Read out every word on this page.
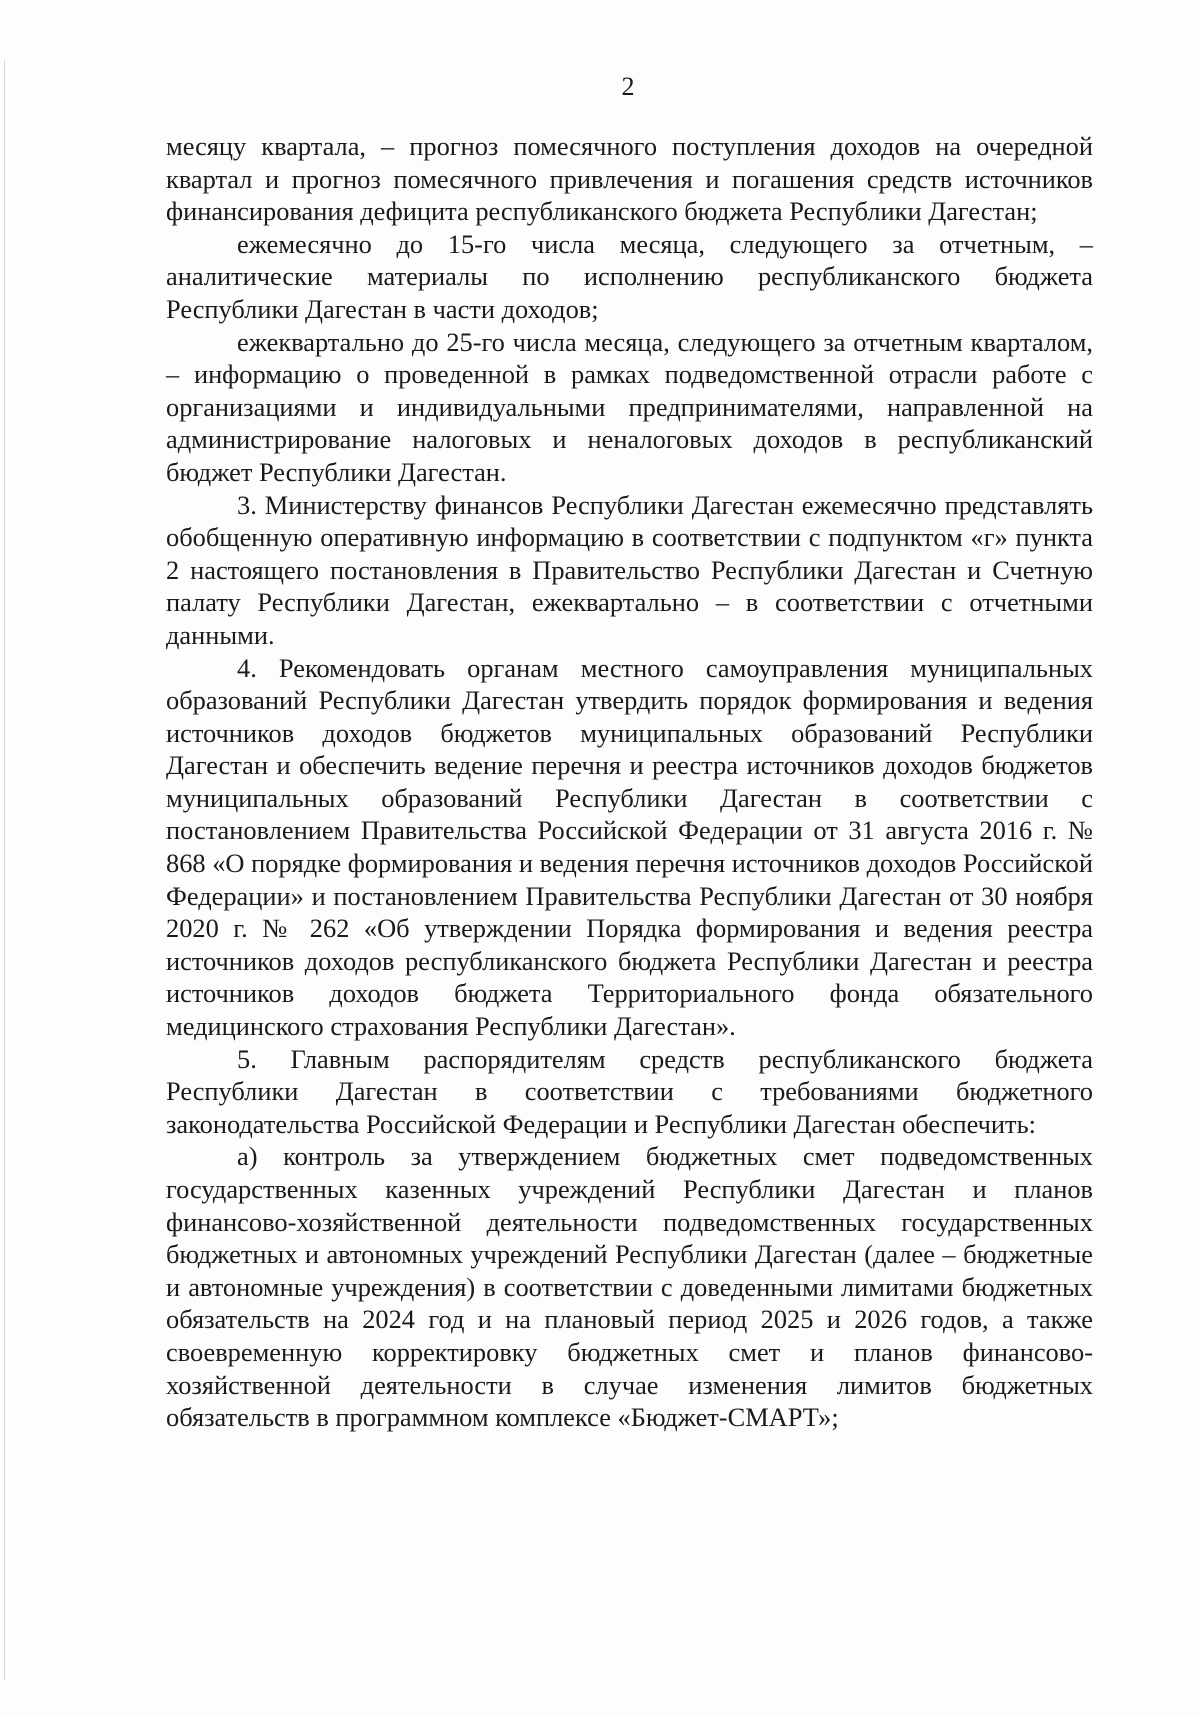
2

месяцу квартала, – прогноз помесячного поступления доходов на очередной квартал и прогноз помесячного привлечения и погашения средств источников финансирования дефицита республиканского бюджета Республики Дагестан;

ежемесячно до 15-го числа месяца, следующего за отчетным, – аналитические материалы по исполнению республиканского бюджета Республики Дагестан в части доходов;

ежеквартально до 25-го числа месяца, следующего за отчетным кварталом, – информацию о проведенной в рамках подведомственной отрасли работе с организациями и индивидуальными предпринимателями, направленной на администрирование налоговых и неналоговых доходов в республиканский бюджет Республики Дагестан.

3. Министерству финансов Республики Дагестан ежемесячно представлять обобщенную оперативную информацию в соответствии с подпунктом «г» пункта 2 настоящего постановления в Правительство Республики Дагестан и Счетную палату Республики Дагестан, ежеквартально – в соответствии с отчетными данными.

4. Рекомендовать органам местного самоуправления муниципальных образований Республики Дагестан утвердить порядок формирования и ведения источников доходов бюджетов муниципальных образований Республики Дагестан и обеспечить ведение перечня и реестра источников доходов бюджетов муниципальных образований Республики Дагестан в соответствии с постановлением Правительства Российской Федерации от 31 августа 2016 г. № 868 «О порядке формирования и ведения перечня источников доходов Российской Федерации» и постановлением Правительства Республики Дагестан от 30 ноября 2020 г. № 262 «Об утверждении Порядка формирования и ведения реестра источников доходов республиканского бюджета Республики Дагестан и реестра источников доходов бюджета Территориального фонда обязательного медицинского страхования Республики Дагестан».

5. Главным распорядителям средств республиканского бюджета Республики Дагестан в соответствии с требованиями бюджетного законодательства Российской Федерации и Республики Дагестан обеспечить:

а) контроль за утверждением бюджетных смет подведомственных государственных казенных учреждений Республики Дагестан и планов финансово-хозяйственной деятельности подведомственных государственных бюджетных и автономных учреждений Республики Дагестан (далее – бюджетные и автономные учреждения) в соответствии с доведенными лимитами бюджетных обязательств на 2024 год и на плановый период 2025 и 2026 годов, а также своевременную корректировку бюджетных смет и планов финансово-хозяйственной деятельности в случае изменения лимитов бюджетных обязательств в программном комплексе «Бюджет-СМАРТ»;
